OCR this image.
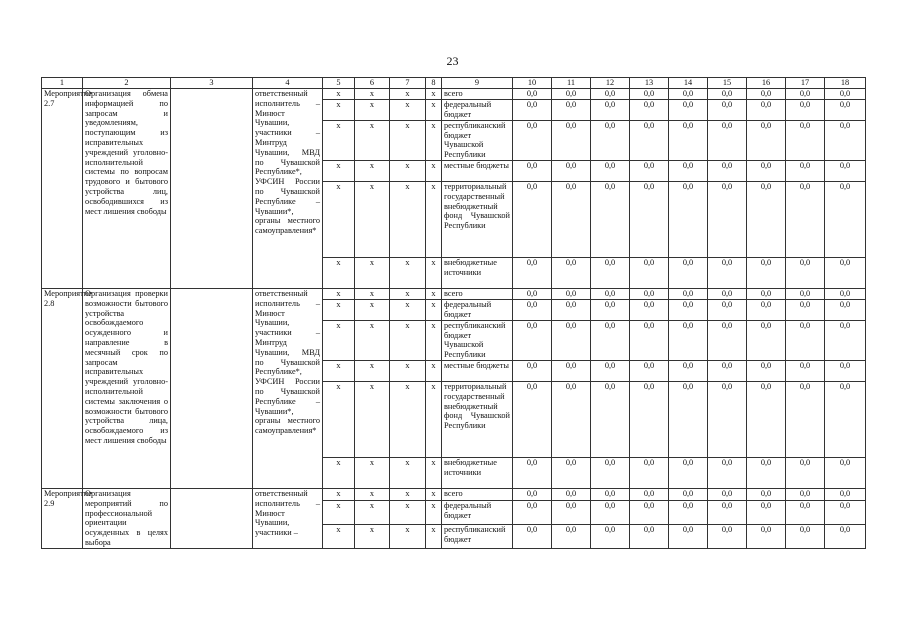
23
1	2	3	4	5	6	7	8	9	10	11	12	13	14	15	16	17	18
Мероприятие 2.7	Организация обмена информацией по запросам и уведомлениям, поступающим из исправительных учреждений уголовно-исполнительной системы по вопросам трудового и бытового устройства лиц, освободившихся из мест лишения свободы		ответственный исполнитель – Минюст Чувашии, участники – Минтруд Чувашии, МВД по Чувашской Республике*, УФСИН России по Чувашской Республике – Чувашии*, органы местного самоуправления*	x	x	x	x	всего	0,0	0,0	0,0	0,0	0,0	0,0	0,0	0,0	0,0
				x	x	x	x	федеральный бюджет	0,0	0,0	0,0	0,0	0,0	0,0	0,0	0,0	0,0
				x	x	x	x	республиканский бюджет Чувашской Республики	0,0	0,0	0,0	0,0	0,0	0,0	0,0	0,0	0,0
				x	x	x	x	местные бюджеты	0,0	0,0	0,0	0,0	0,0	0,0	0,0	0,0	0,0
				x	x	x	x	территориальный государственный внебюджетный фонд Чувашской Республики	0,0	0,0	0,0	0,0	0,0	0,0	0,0	0,0	0,0
				x	x	x	x	внебюджетные источники	0,0	0,0	0,0	0,0	0,0	0,0	0,0	0,0	0,0
Мероприятие 2.8	Организация проверки возможности бытового устройства освобождаемого осужденного и направление в месячный срок по запросам исправительных учреждений уголовно-исполнительной системы заключения о возможности бытового устройства лица, освобождаемого из мест лишения свободы		ответственный исполнитель – Минюст Чувашии, участники – Минтруд Чувашии, МВД по Чувашской Республике*, УФСИН России по Чувашской Республике – Чувашии*, органы местного самоуправления*	x	x	x	x	всего	0,0	0,0	0,0	0,0	0,0	0,0	0,0	0,0	0,0
				x	x	x	x	федеральный бюджет	0,0	0,0	0,0	0,0	0,0	0,0	0,0	0,0	0,0
				x	x	x	x	республиканский бюджет Чувашской Республики	0,0	0,0	0,0	0,0	0,0	0,0	0,0	0,0	0,0
				x	x	x	x	местные бюджеты	0,0	0,0	0,0	0,0	0,0	0,0	0,0	0,0	0,0
				x	x	x	x	территориальный государственный внебюджетный фонд Чувашской Республики	0,0	0,0	0,0	0,0	0,0	0,0	0,0	0,0	0,0
				x	x	x	x	внебюджетные источники	0,0	0,0	0,0	0,0	0,0	0,0	0,0	0,0	0,0
Мероприятие 2.9	Организация мероприятий по профессиональной ориентации осужденных в целях выбора		ответственный исполнитель – Минюст Чувашии, участники –	x	x	x	x	всего	0,0	0,0	0,0	0,0	0,0	0,0	0,0	0,0	0,0
				x	x	x	x	федеральный бюджет	0,0	0,0	0,0	0,0	0,0	0,0	0,0	0,0	0,0
				x	x	x	x	республиканский бюджет	0,0	0,0	0,0	0,0	0,0	0,0	0,0	0,0	0,0
